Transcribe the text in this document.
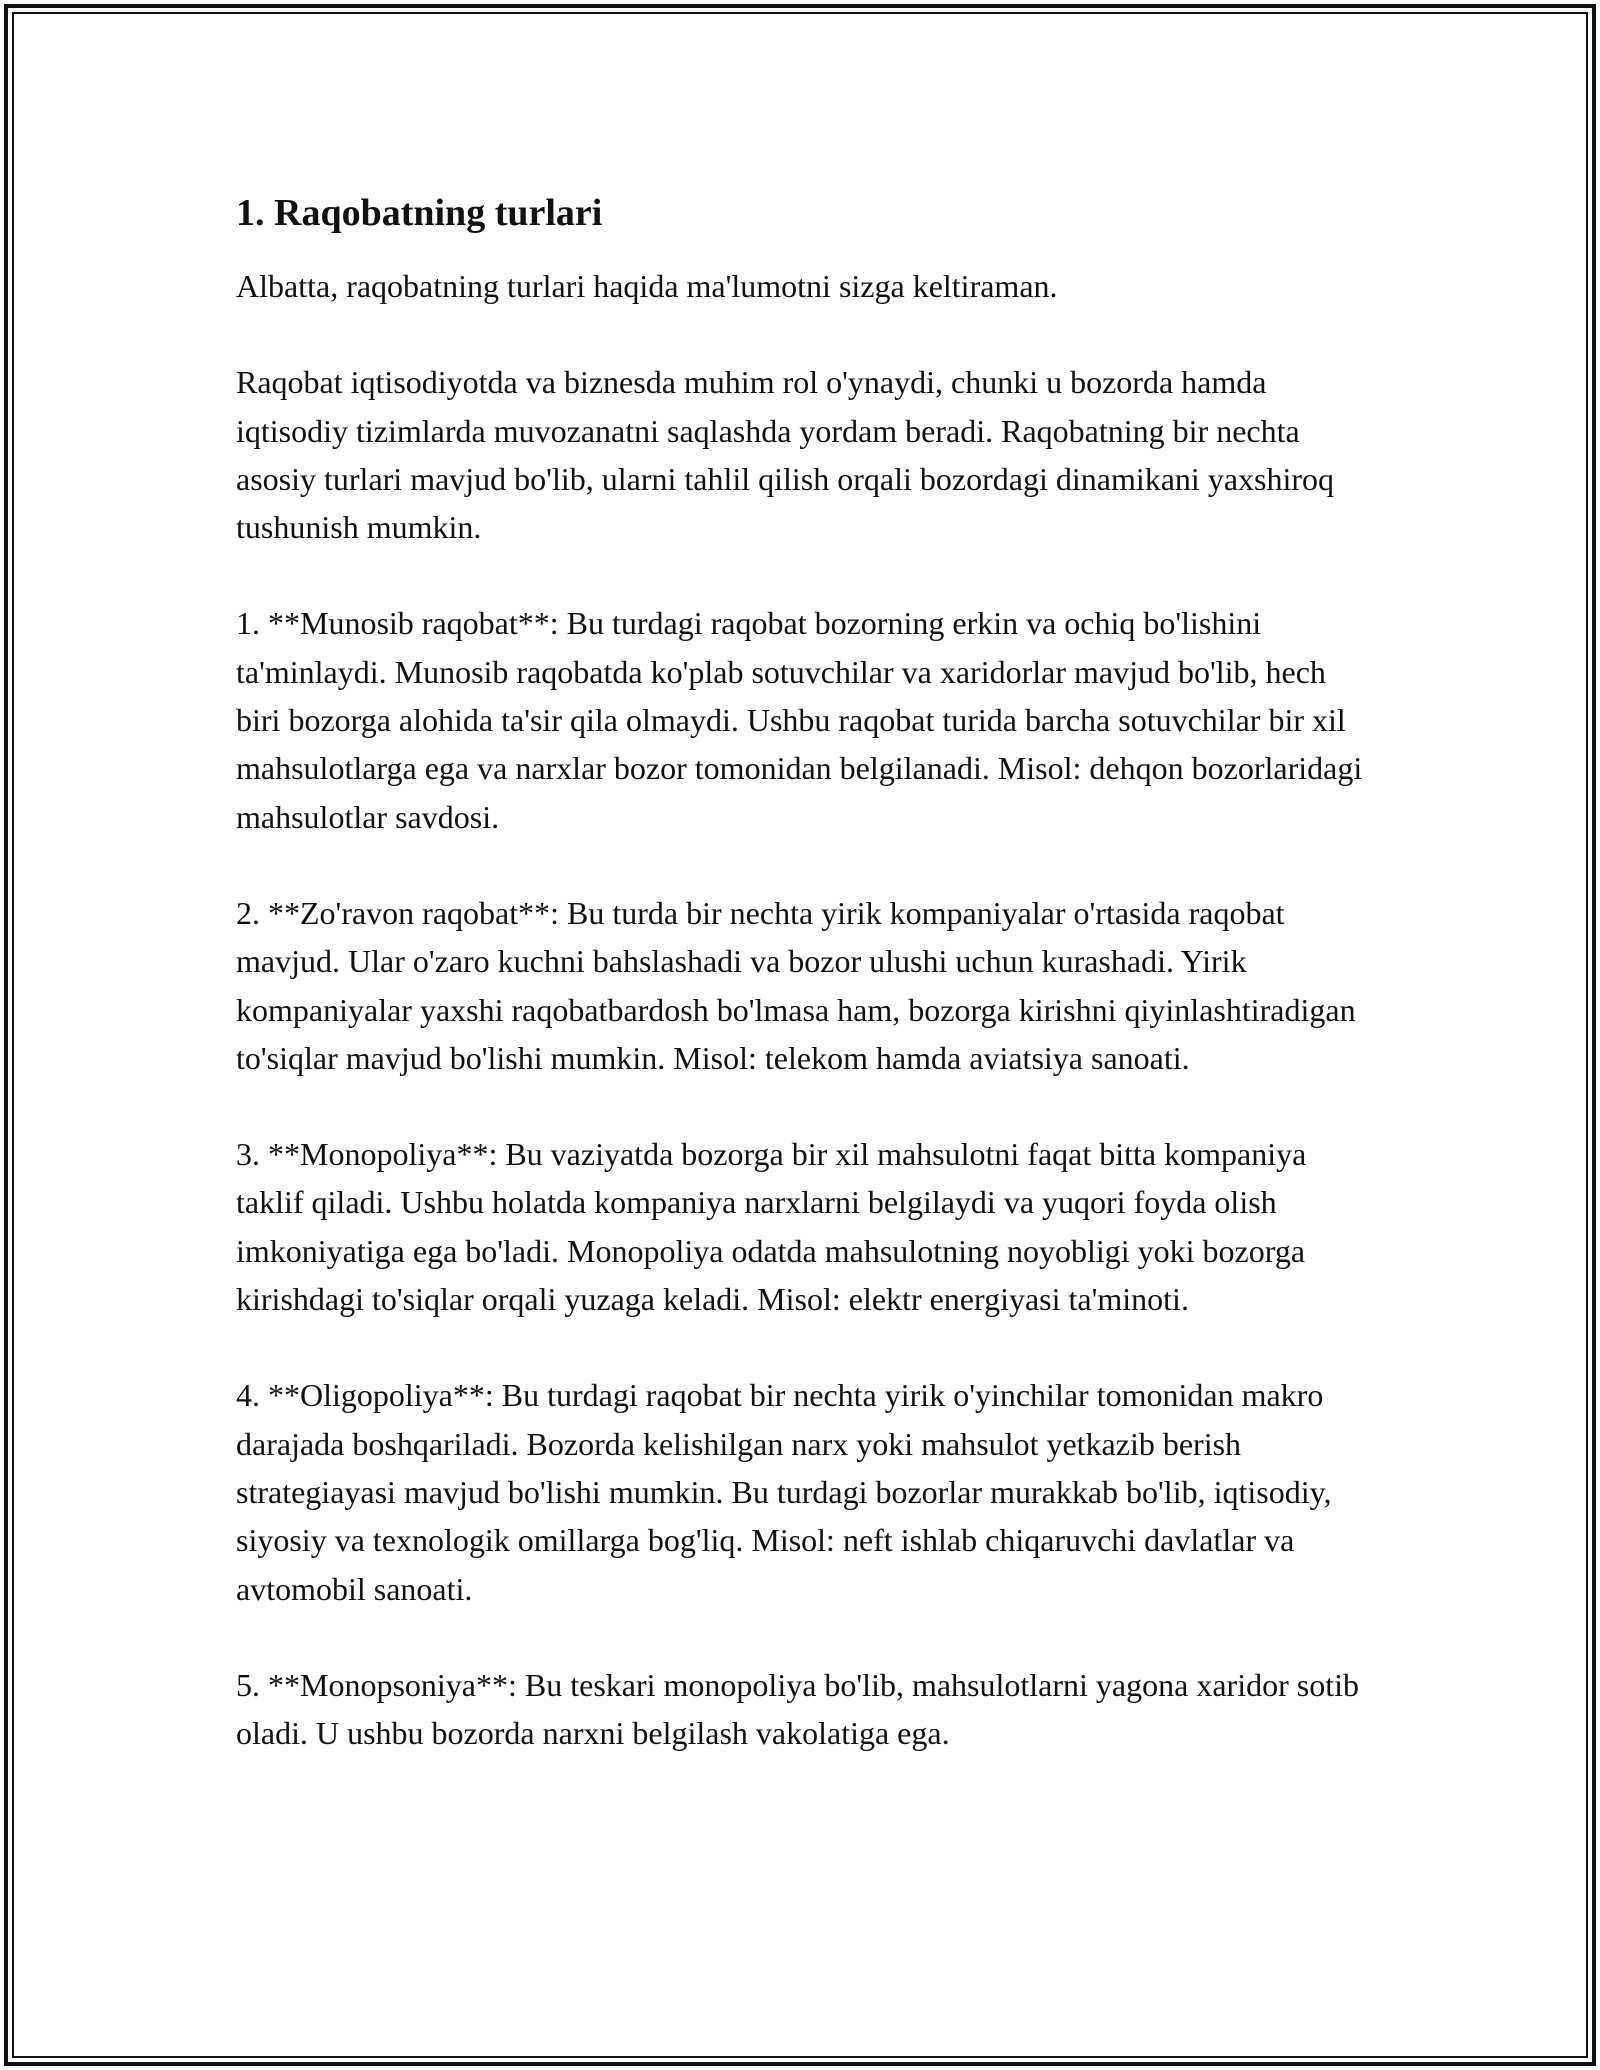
1. Raqobatning turlari

Albatta, raqobatning turlari haqida ma'lumotni sizga keltiraman.

Raqobat iqtisodiyotda va biznesda muhim rol o'ynaydi, chunki u bozorda hamda iqtisodiy tizimlarda muvozanatni saqlashda yordam beradi. Raqobatning bir nechta asosiy turlari mavjud bo'lib, ularni tahlil qilish orqali bozordagi dinamikani yaxshiroq tushunish mumkin.

1. **Munosib raqobat**: Bu turdagi raqobat bozorning erkin va ochiq bo'lishini ta'minlaydi. Munosib raqobatda ko'plab sotuvchilar va xaridorlar mavjud bo'lib, hech biri bozorga alohida ta'sir qila olmaydi. Ushbu raqobat turida barcha sotuvchilar bir xil mahsulotlarga ega va narxlar bozor tomonidan belgilanadi. Misol: dehqon bozorlaridagi mahsulotlar savdosi.

2. **Zo'ravon raqobat**: Bu turda bir nechta yirik kompaniyalar o'rtasida raqobat mavjud. Ular o'zaro kuchni bahslashadi va bozor ulushi uchun kurashadi. Yirik kompaniyalar yaxshi raqobatbardosh bo'lmasa ham, bozorga kirishni qiyinlashtiradigan to'siqlar mavjud bo'lishi mumkin. Misol: telekom hamda aviatsiya sanoati.

3. **Monopoliya**: Bu vaziyatda bozorga bir xil mahsulotni faqat bitta kompaniya taklif qiladi. Ushbu holatda kompaniya narxlarni belgilaydi va yuqori foyda olish imkoniyatiga ega bo'ladi. Monopoliya odatda mahsulotning noyobligi yoki bozorga kirishdagi to'siqlar orqali yuzaga keladi. Misol: elektr energiyasi ta'minoti.

4. **Oligopoliya**: Bu turdagi raqobat bir nechta yirik o'yinchilar tomonidan makro darajada boshqariladi. Bozorda kelishilgan narx yoki mahsulot yetkazib berish strategiayasi mavjud bo'lishi mumkin. Bu turdagi bozorlar murakkab bo'lib, iqtisodiy, siyosiy va texnologik omillarga bog'liq. Misol: neft ishlab chiqaruvchi davlatlar va avtomobil sanoati.

5. **Monopsoniya**: Bu teskari monopoliya bo'lib, mahsulotlarni yagona xaridor sotib oladi. U ushbu bozorda narxni belgilash vakolatiga ega.
